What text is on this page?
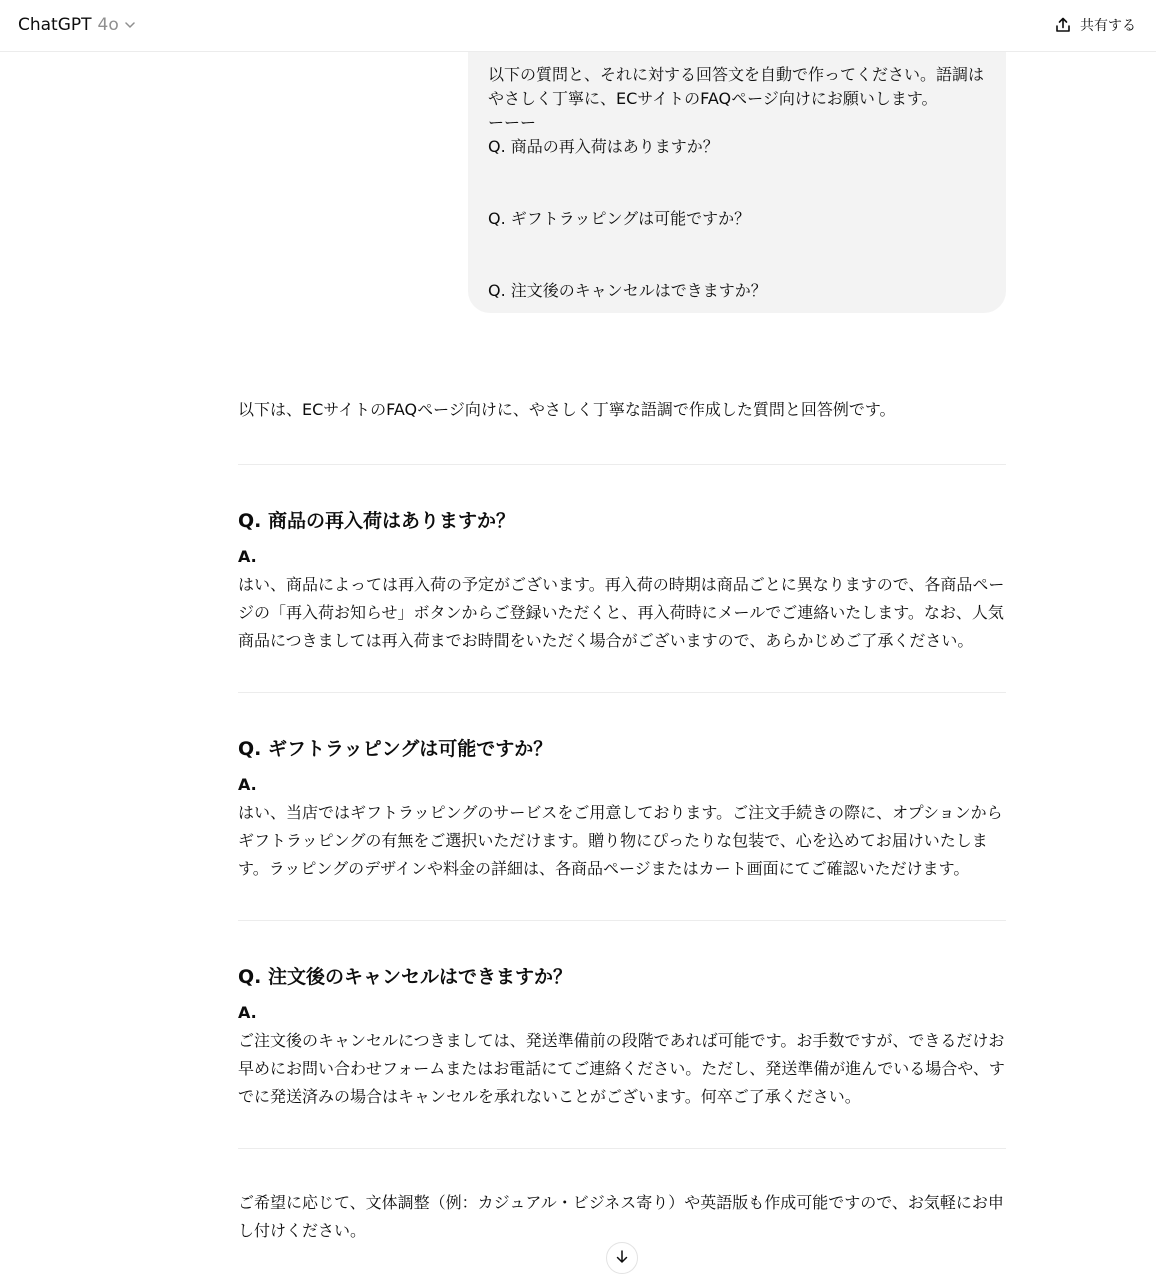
ChatGPT 4o	共有する
以下の質問と、それに対する回答文を自動で作ってください。語調は
やさしく丁寧に、ECサイトのFAQページ向けにお願いします。
ーーー
Q. 商品の再入荷はありますか？
Q. ギフトラッピングは可能ですか？
Q. 注文後のキャンセルはできますか？
以下は、ECサイトのFAQページ向けに、やさしく丁寧な語調で作成した質問と回答例です。
Q. 商品の再入荷はありますか？
A.
はい、商品によっては再入荷の予定がございます。再入荷の時期は商品ごとに異なりますので、各商品ページの「再入荷お知らせ」ボタンからご登録いただくと、再入荷時にメールでご連絡いたします。なお、人気商品につきましては再入荷までお時間をいただく場合がございますので、あらかじめご了承ください。
Q. ギフトラッピングは可能ですか？
A.
はい、当店ではギフトラッピングのサービスをご用意しております。ご注文手続きの際に、オプションからギフトラッピングの有無をご選択いただけます。贈り物にぴったりな包装で、心を込めてお届けいたします。ラッピングのデザインや料金の詳細は、各商品ページまたはカート画面にてご確認いただけます。
Q. 注文後のキャンセルはできますか？
A.
ご注文後のキャンセルにつきましては、発送準備前の段階であれば可能です。お手数ですが、できるだけお早めにお問い合わせフォームまたはお電話にてご連絡ください。ただし、発送準備が進んでいる場合や、すでに発送済みの場合はキャンセルを承れないことがございます。何卒ご了承ください。
ご希望に応じて、文体調整（例：カジュアル・ビジネス寄り）や英語版も作成可能ですので、お気軽にお申し付けください。
